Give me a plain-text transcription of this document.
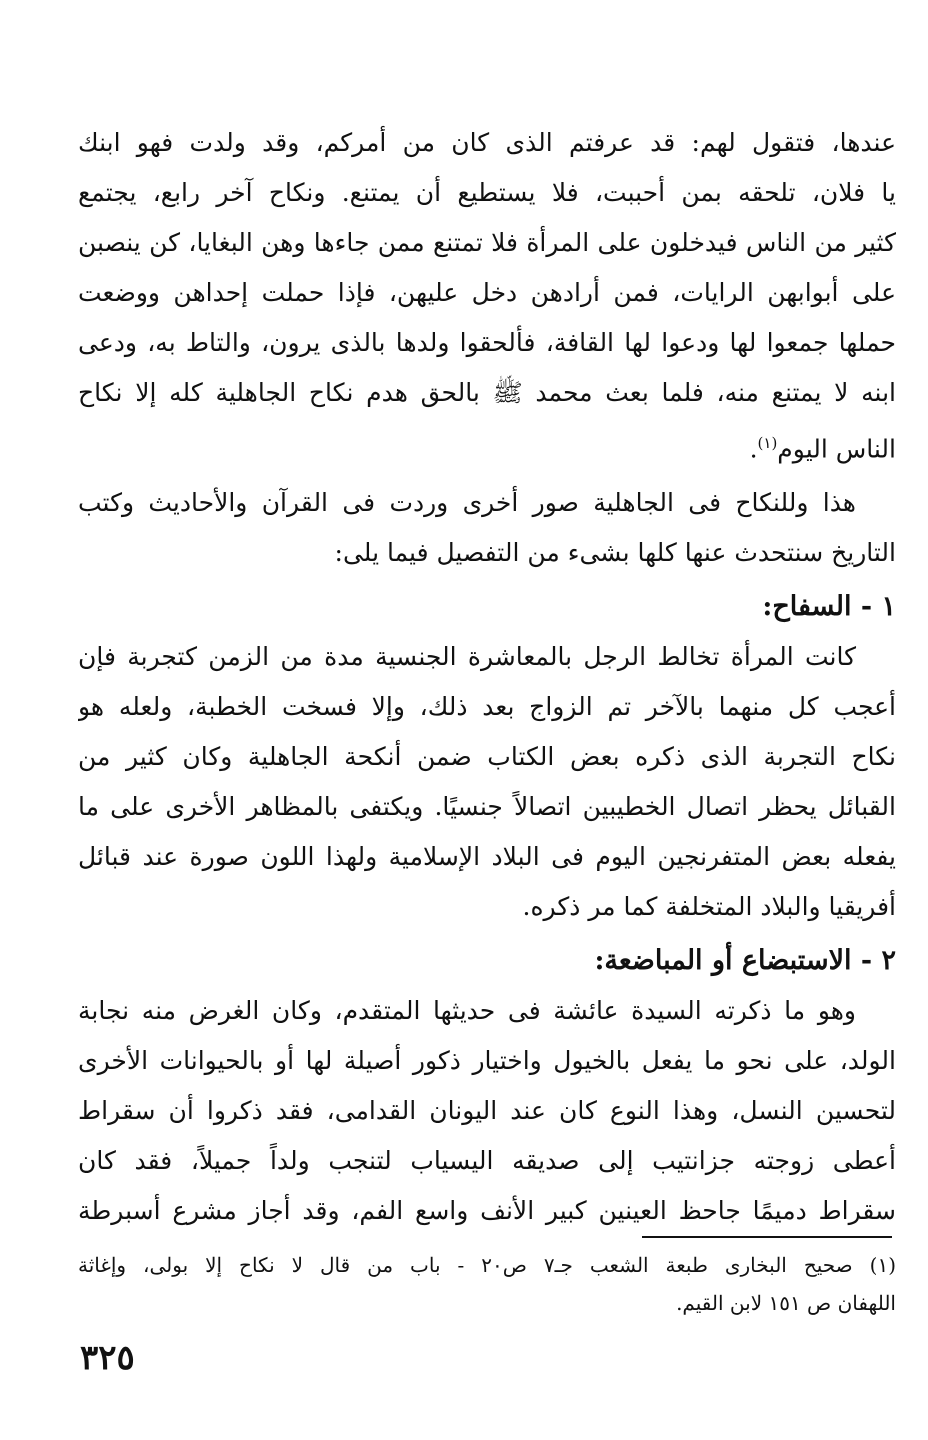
عندها، فتقول لهم: قد عرفتم الذى كان من أمركم، وقد ولدت فهو ابنك
يا فلان، تلحقه بمن أحببت، فلا يستطيع أن يمتنع. ونكاح آخر رابع، يجتمع
كثير من الناس فيدخلون على المرأة فلا تمتنع ممن جاءها وهن البغايا، كن ينصبن
على أبوابهن الرايات، فمن أرادهن دخل عليهن، فإذا حملت إحداهن ووضعت
حملها جمعوا لها ودعوا لها القافة، فألحقوا ولدها بالذى يرون، والتاط به، ودعى
ابنه لا يمتنع منه، فلما بعث محمد ﷺ بالحق هدم نكاح الجاهلية كله إلا نكاح
الناس اليوم$^{(١)}$.
هذا وللنكاح فى الجاهلية صور أخرى وردت فى القرآن والأحاديث وكتب
التاريخ سنتحدث عنها كلها بشىء من التفصيل فيما يلى:
١ - السفاح:
كانت المرأة تخالط الرجل بالمعاشرة الجنسية مدة من الزمن كتجربة فإن
أعجب كل منهما بالآخر تم الزواج بعد ذلك، وإلا فسخت الخطبة، ولعله هو
نكاح التجربة الذى ذكره بعض الكتاب ضمن أنكحة الجاهلية وكان كثير من
القبائل يحظر اتصال الخطيبين اتصالاً جنسيًا. ويكتفى بالمظاهر الأخرى على ما
يفعله بعض المتفرنجين اليوم فى البلاد الإسلامية ولهذا اللون صورة عند قبائل
أفريقيا والبلاد المتخلفة كما مر ذكره.
٢ - الاستبضاع أو المباضعة:
وهو ما ذكرته السيدة عائشة فى حديثها المتقدم، وكان الغرض منه نجابة
الولد، على نحو ما يفعل بالخيول واختيار ذكور أصيلة لها أو بالحيوانات الأخرى
لتحسين النسل، وهذا النوع كان عند اليونان القدامى، فقد ذكروا أن سقراط
أعطى زوجته جزانتيب إلى صديقه اليسياب لتنجب ولداً جميلاً، فقد كان
سقراط دميمًا جاحظ العينين كبير الأنف واسع الفم، وقد أجاز مشرع أسبرطة
(١) صحيح البخارى طبعة الشعب جـ٧ ص٢٠ - باب من قال لا نكاح إلا بولى، وإغاثة
اللهفان ص ١٥١ لابن القيم.
٣٢٥
